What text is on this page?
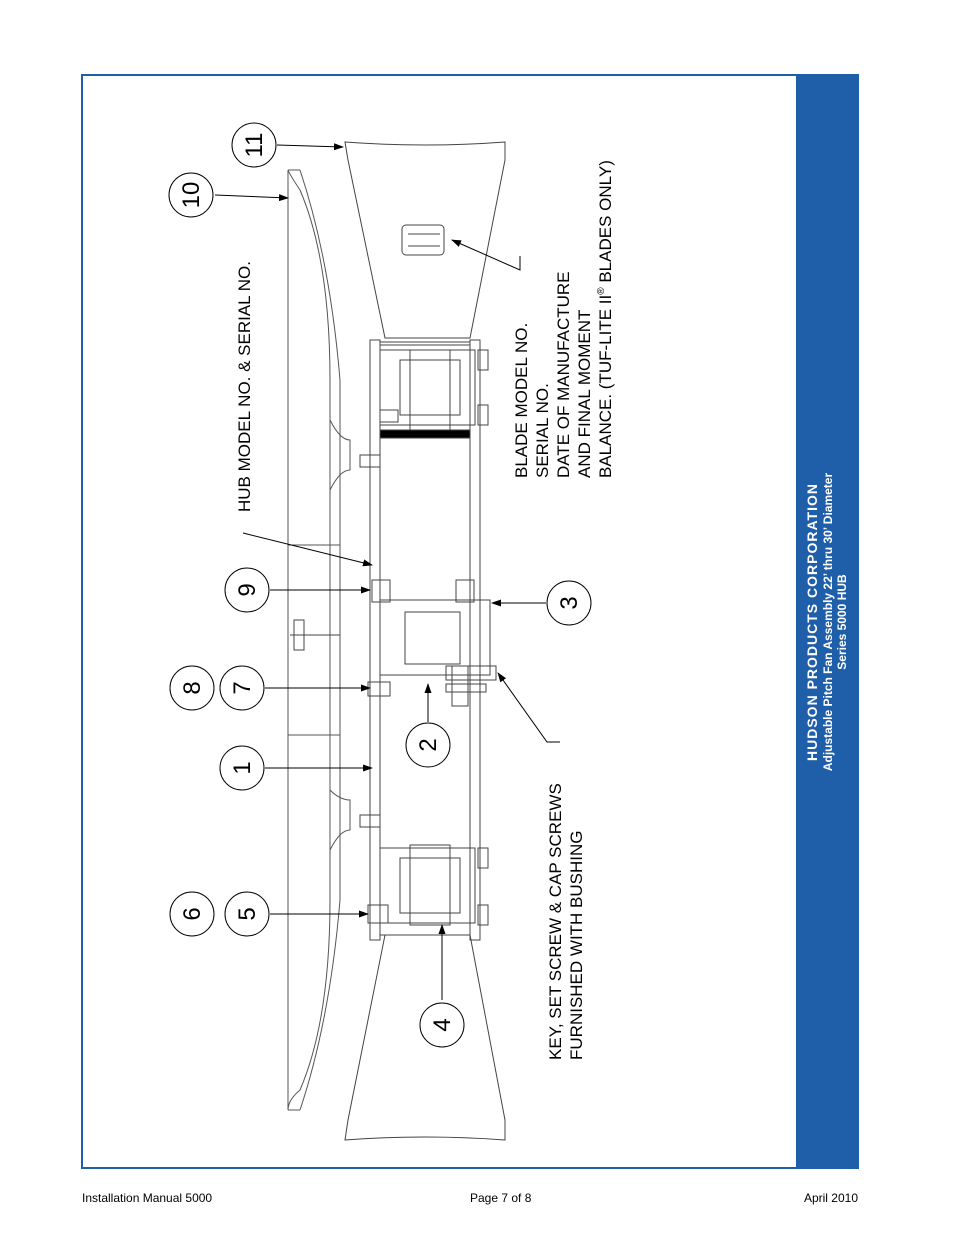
HUDSON PRODUCTS CORPORATION Adjustable Pitch Fan Assembly 22’ thru 30’ Diameter Series 5000 HUB
11
10
9
8 7
1
2
3
4
6 5
HUB MODEL NO. & SERIAL NO.
KEY, SET SCREW & CAP SCREWS FURNISHED WITH BUSHING
BLADE MODEL NO. SERIAL NO. DATE OF MANUFACTURE AND FINAL MOMENT BALANCE. (TUF-LITE II® BLADES ONLY)
Installation Manual 5000	Page 7 of 8	April 2010
